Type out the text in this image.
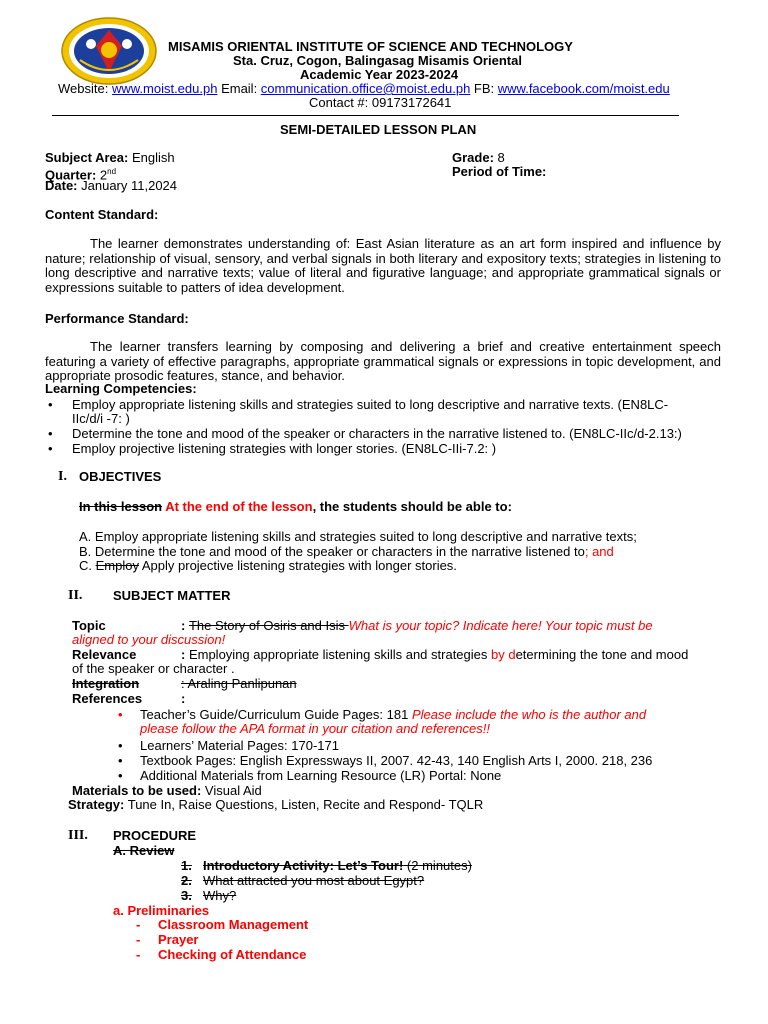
MISAMIS ORIENTAL INSTITUTE OF SCIENCE AND TECHNOLOGY
Sta. Cruz, Cogon, Balingasag Misamis Oriental
Academic Year 2023-2024
Website: www.moist.edu.ph Email: communication.office@moist.edu.ph FB: www.facebook.com/moist.edu
Contact #: 09173172641
SEMI-DETAILED LESSON PLAN
Subject Area: English
Quarter: 2nd
Date: January 11,2024
Grade: 8
Period of Time:
Content Standard:
The learner demonstrates understanding of: East Asian literature as an art form inspired and influence by nature; relationship of visual, sensory, and verbal signals in both literary and expository texts; strategies in listening to long descriptive and narrative texts; value of literal and figurative language; and appropriate grammatical signals or expressions suitable to patters of idea development.
Performance Standard:
The learner transfers learning by composing and delivering a brief and creative entertainment speech featuring a variety of effective paragraphs, appropriate grammatical signals or expressions in topic development, and appropriate prosodic features, stance, and behavior.
Learning Competencies:
• Employ appropriate listening skills and strategies suited to long descriptive and narrative texts. (EN8LC-
IIc/d/i -7: )
• Determine the tone and mood of the speaker or characters in the narrative listened to. (EN8LC-IIc/d-2.13:)
• Employ projective listening strategies with longer stories. (EN8LC-IIi-7.2: )
I. OBJECTIVES
In this lesson At the end of the lesson, the students should be able to:
A. Employ appropriate listening skills and strategies suited to long descriptive and narrative texts;
B. Determine the tone and mood of the speaker or characters in the narrative listened to; and
C. Employ Apply projective listening strategies with longer stories.
II. SUBJECT MATTER
Topic	: The Story of Osiris and Isis What is your topic? Indicate here! Your topic must be
aligned to your discussion!
Relevance	: Employing appropriate listening skills and strategies by determining the tone and mood
of the speaker or character .
Integration	: Araling Panlipunan
References	:
• Teacher’s Guide/Curriculum Guide Pages: 181 Please include the who is the author and
please follow the APA format in your citation and references!!
• Learners’ Material Pages: 170-171
• Textbook Pages: English Expressways II, 2007. 42-43, 140 English Arts I, 2000. 218, 236
• Additional Materials from Learning Resource (LR) Portal: None
Materials to be used: Visual Aid
Strategy: Tune In, Raise Questions, Listen, Recite and Respond- TQLR
III. PROCEDURE
A. Review
1. Introductory Activity: Let’s Tour! (2 minutes)
2. What attracted you most about Egypt?
3. Why?
a. Preliminaries
- Classroom Management
- Prayer
- Checking of Attendance
